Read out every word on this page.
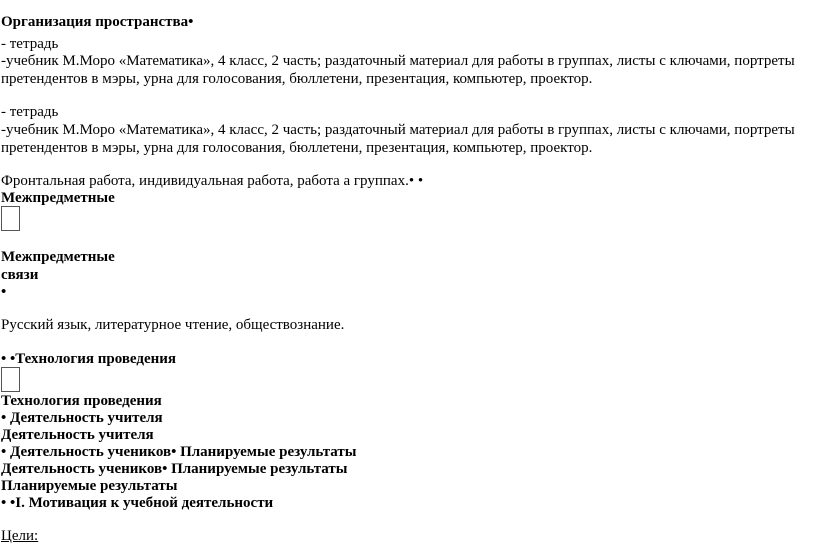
Организация пространства•
- тетрадь
-учебник М.Моро «Математика», 4 класс, 2 часть; раздаточный материал для работы в группах, листы с ключами, портреты
претендентов в мэры, урна для голосования, бюллетени, презентация, компьютер, проектор.
- тетрадь
-учебник М.Моро «Математика», 4 класс, 2 часть; раздаточный материал для работы в группах, листы с ключами, портреты
претендентов в мэры, урна для голосования, бюллетени, презентация, компьютер, проектор.
Фронтальная работа, индивидуальная работа, работа а группах.• •
Межпредметные
Межпредметные
связи
•
Русский язык, литературное чтение, обществознание.
• •Технология проведения
Технология проведения
• Деятельность учителя
Деятельность учителя
• Деятельность учеников• Планируемые результаты
Деятельность учеников• Планируемые результаты
Планируемые результаты
• •I. Мотивация к учебной деятельности
Цели:
